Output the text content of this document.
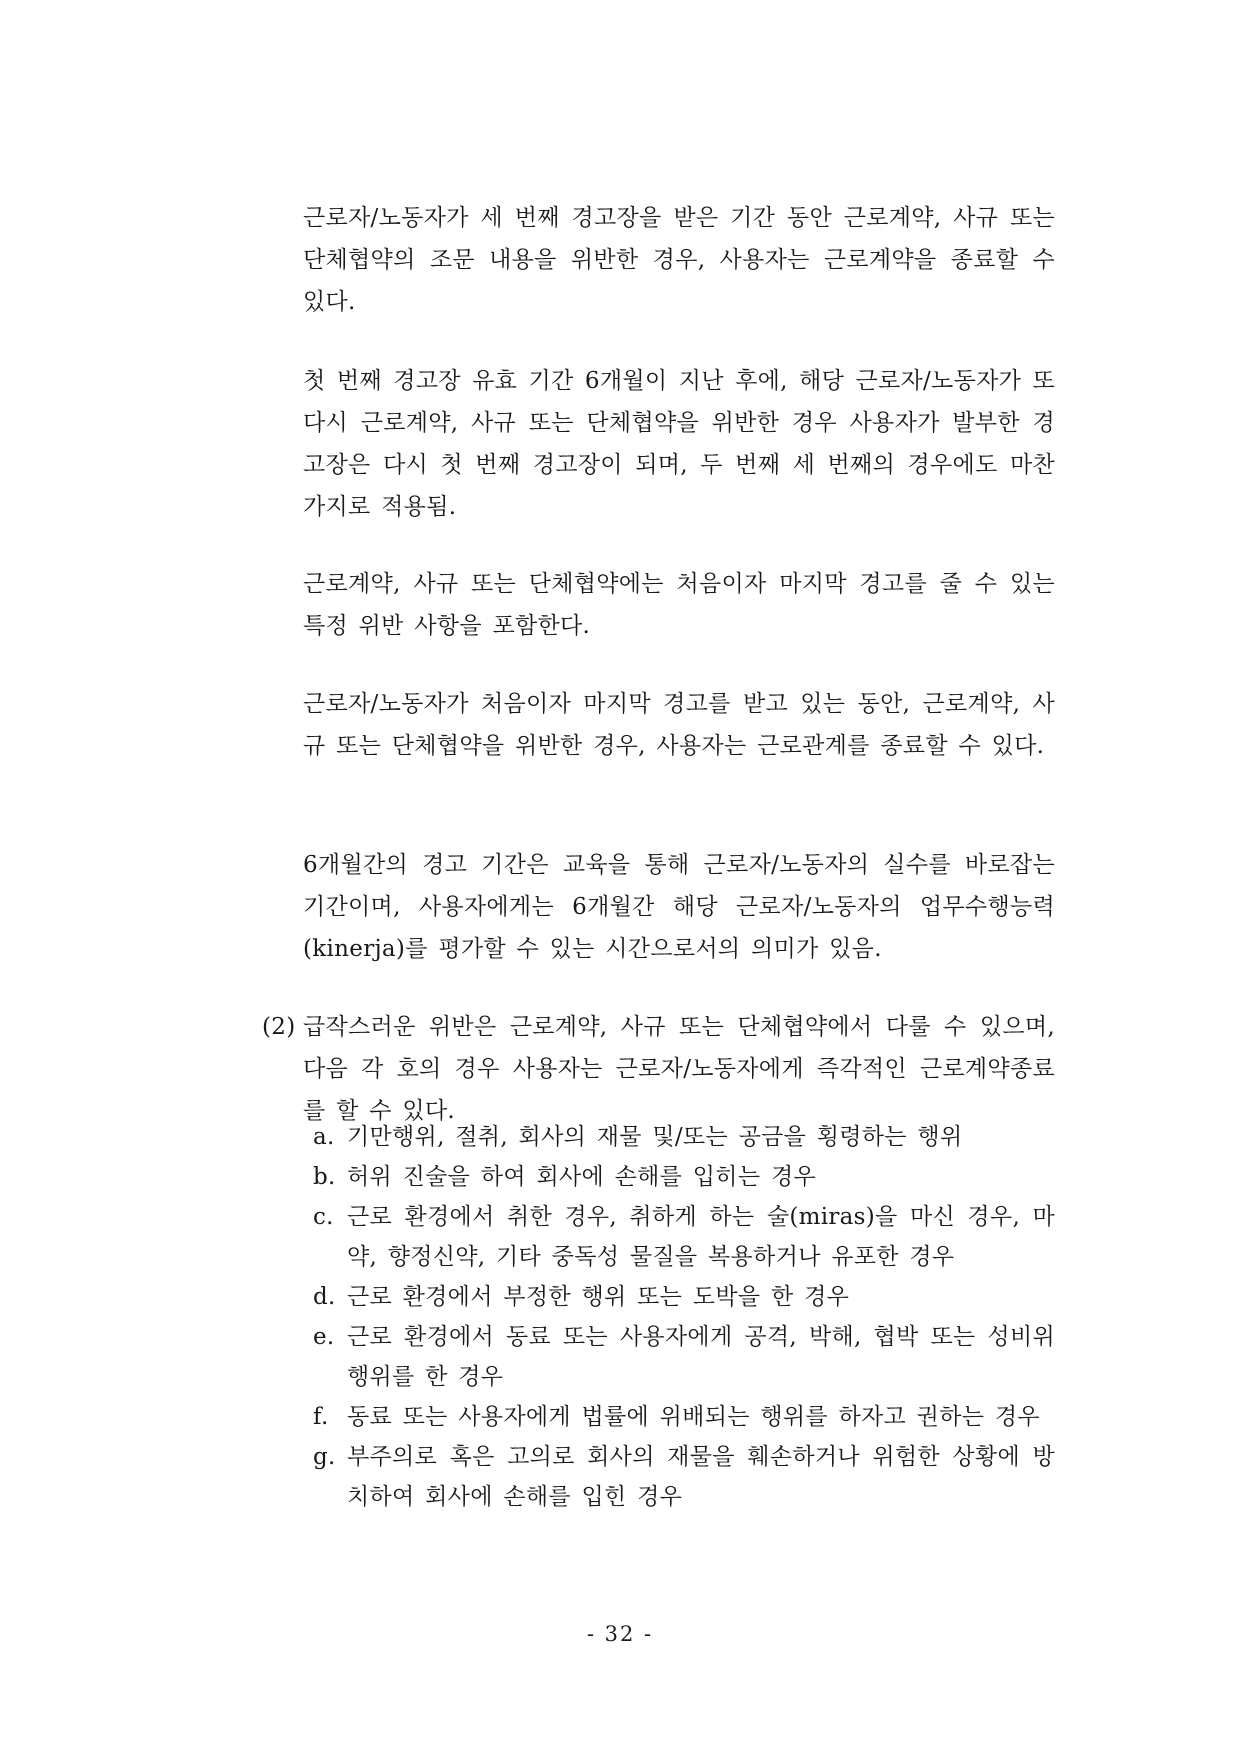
근로자/노동자가 세 번째 경고장을 받은 기간 동안 근로계약, 사규 또는 단체협약의 조문 내용을 위반한 경우, 사용자는 근로계약을 종료할 수 있다.

첫 번째 경고장 유효 기간 6개월이 지난 후에, 해당 근로자/노동자가 또다시 근로계약, 사규 또는 단체협약을 위반한 경우 사용자가 발부한 경고장은 다시 첫 번째 경고장이 되며, 두 번째 세 번째의 경우에도 마찬가지로 적용됨.

근로계약, 사규 또는 단체협약에는 처음이자 마지막 경고를 줄 수 있는 특정 위반 사항을 포함한다.

근로자/노동자가 처음이자 마지막 경고를 받고 있는 동안, 근로계약, 사규 또는 단체협약을 위반한 경우, 사용자는 근로관계를 종료할 수 있다.

6개월간의 경고 기간은 교육을 통해 근로자/노동자의 실수를 바로잡는 기간이며, 사용자에게는 6개월간 해당 근로자/노동자의 업무수행능력(kinerja)를 평가할 수 있는 시간으로서의 의미가 있음.

(2) 급작스러운 위반은 근로계약, 사규 또는 단체협약에서 다룰 수 있으며, 다음 각 호의 경우 사용자는 근로자/노동자에게 즉각적인 근로계약종료를 할 수 있다.
a. 기만행위, 절취, 회사의 재물 및/또는 공금을 횡령하는 행위
b. 허위 진술을 하여 회사에 손해를 입히는 경우
c. 근로 환경에서 취한 경우, 취하게 하는 술(miras)을 마신 경우, 마약, 향정신약, 기타 중독성 물질을 복용하거나 유포한 경우
d. 근로 환경에서 부정한 행위 또는 도박을 한 경우
e. 근로 환경에서 동료 또는 사용자에게 공격, 박해, 협박 또는 성비위 행위를 한 경우
f. 동료 또는 사용자에게 법률에 위배되는 행위를 하자고 권하는 경우
g. 부주의로 혹은 고의로 회사의 재물을 훼손하거나 위험한 상황에 방치하여 회사에 손해를 입힌 경우
- 32 -
